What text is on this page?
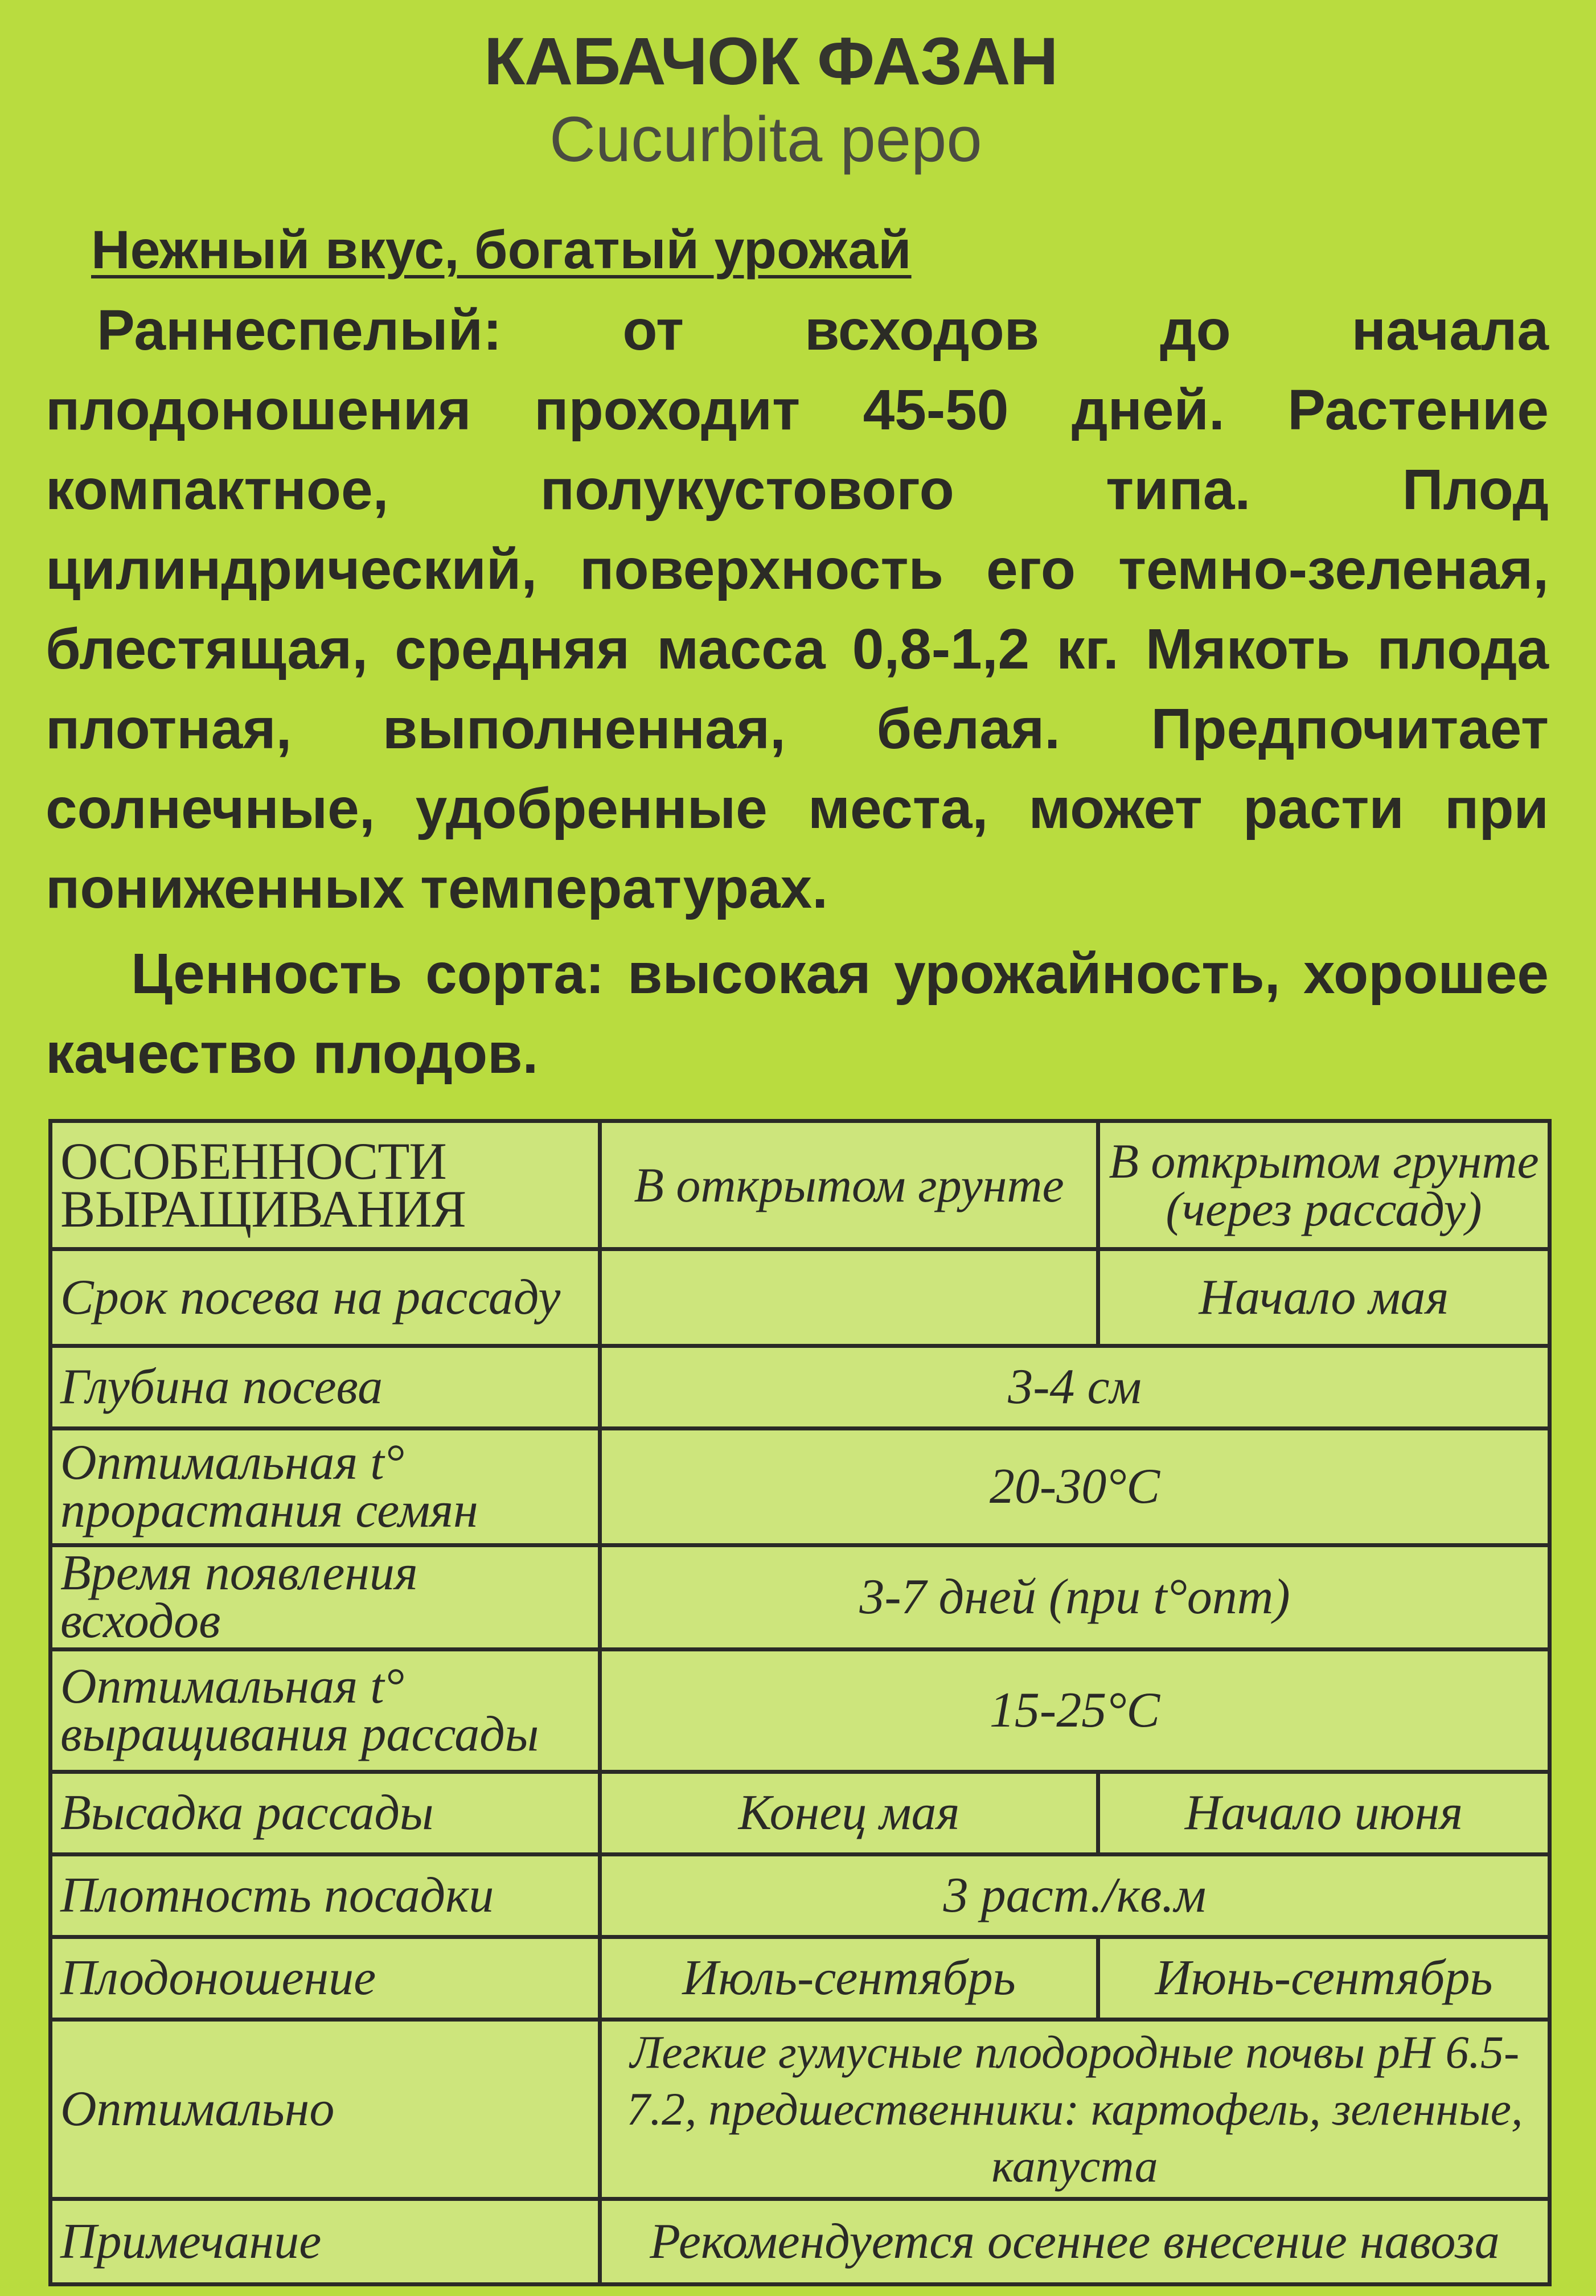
КАБАЧОК ФАЗАН
Cucurbita pepo
Нежный вкус, богатый урожай

Раннеспелый: от всходов до начала плодоношения проходит 45-50 дней. Растение компактное, полукустового типа. Плод цилиндрический, поверхность его темно-зеленая, блестящая, средняя масса 0,8-1,2 кг. Мякоть плода плотная, выполненная, белая. Предпочитает солнечные, удобренные места, может расти при пониженных температурах.

Ценность сорта: высокая урожайность, хорошее качество плодов.

ОСОБЕННОСТИ ВЫРАЩИВАНИЯ	В открытом грунте	В открытом грунте (через рассаду)
Срок посева на рассаду		Начало мая
Глубина посева	3-4 см	
Оптимальная t° прорастания семян	20-30°С	
Время появления всходов	3-7 дней (при t°опт)	
Оптимальная t° выращивания рассады	15-25°С	
Высадка рассады	Конец мая	Начало июня
Плотность посадки	3 раст./кв.м	
Плодоношение	Июль-сентябрь	Июнь-сентябрь
Оптимально	Легкие гумусные плодородные почвы pH 6.5-7.2, предшественники: картофель, зеленные, капуста	
Примечание	Рекомендуется осеннее внесение навоза	
